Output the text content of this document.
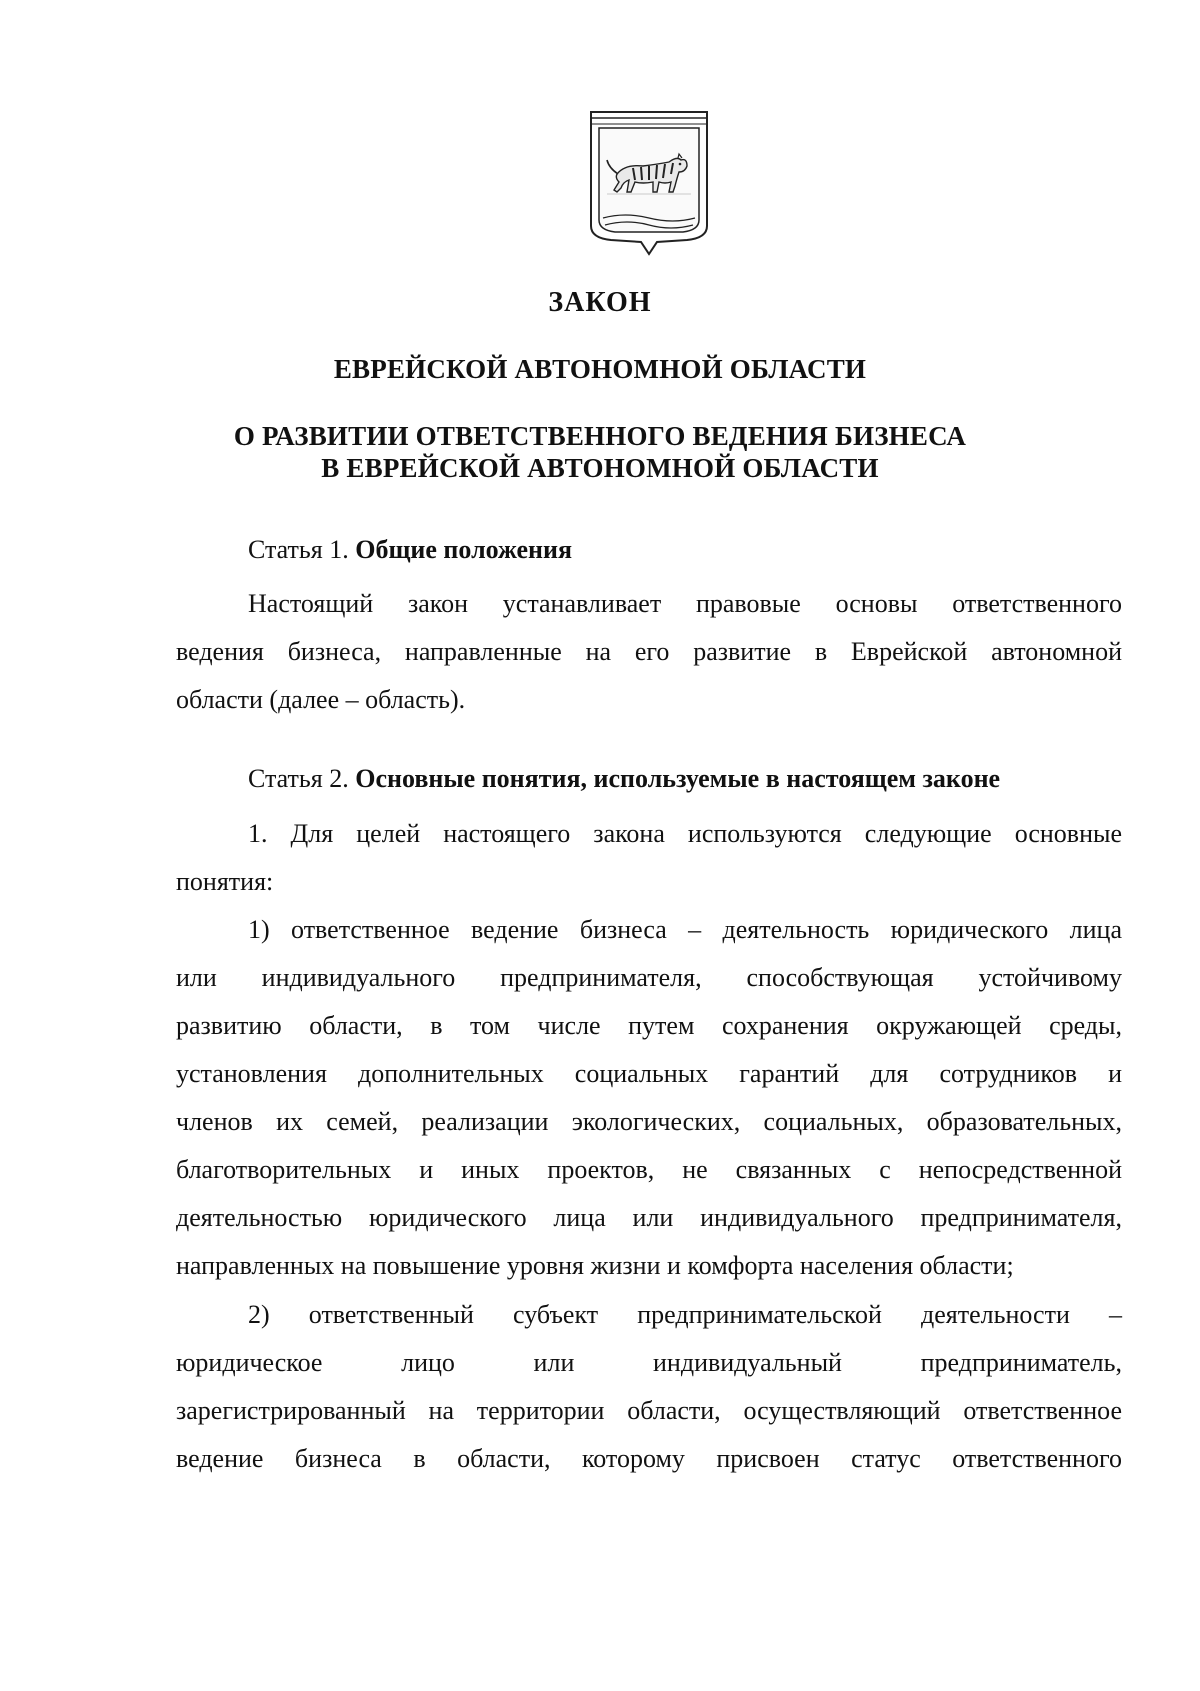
ЗАКОН
ЕВРЕЙСКОЙ АВТОНОМНОЙ ОБЛАСТИ
О РАЗВИТИИ ОТВЕТСТВЕННОГО ВЕДЕНИЯ БИЗНЕСА
В ЕВРЕЙСКОЙ АВТОНОМНОЙ ОБЛАСТИ
Статья 1. Общие положения
Настоящий закон устанавливает правовые основы ответственного
ведения бизнеса, направленные на его развитие в Еврейской автономной
области (далее – область).
Статья 2. Основные понятия, используемые в настоящем законе
1. Для целей настоящего закона используются следующие основные
понятия:
1) ответственное ведение бизнеса – деятельность юридического лица
или индивидуального предпринимателя, способствующая устойчивому
развитию области, в том числе путем сохранения окружающей среды,
установления дополнительных социальных гарантий для сотрудников и
членов их семей, реализации экологических, социальных, образовательных,
благотворительных и иных проектов, не связанных с непосредственной
деятельностью юридического лица или индивидуального предпринимателя,
направленных на повышение уровня жизни и комфорта населения области;
2) ответственный субъект предпринимательской деятельности –
юридическое лицо или индивидуальный предприниматель,
зарегистрированный на территории области, осуществляющий ответственное
ведение бизнеса в области, которому присвоен статус ответственного
